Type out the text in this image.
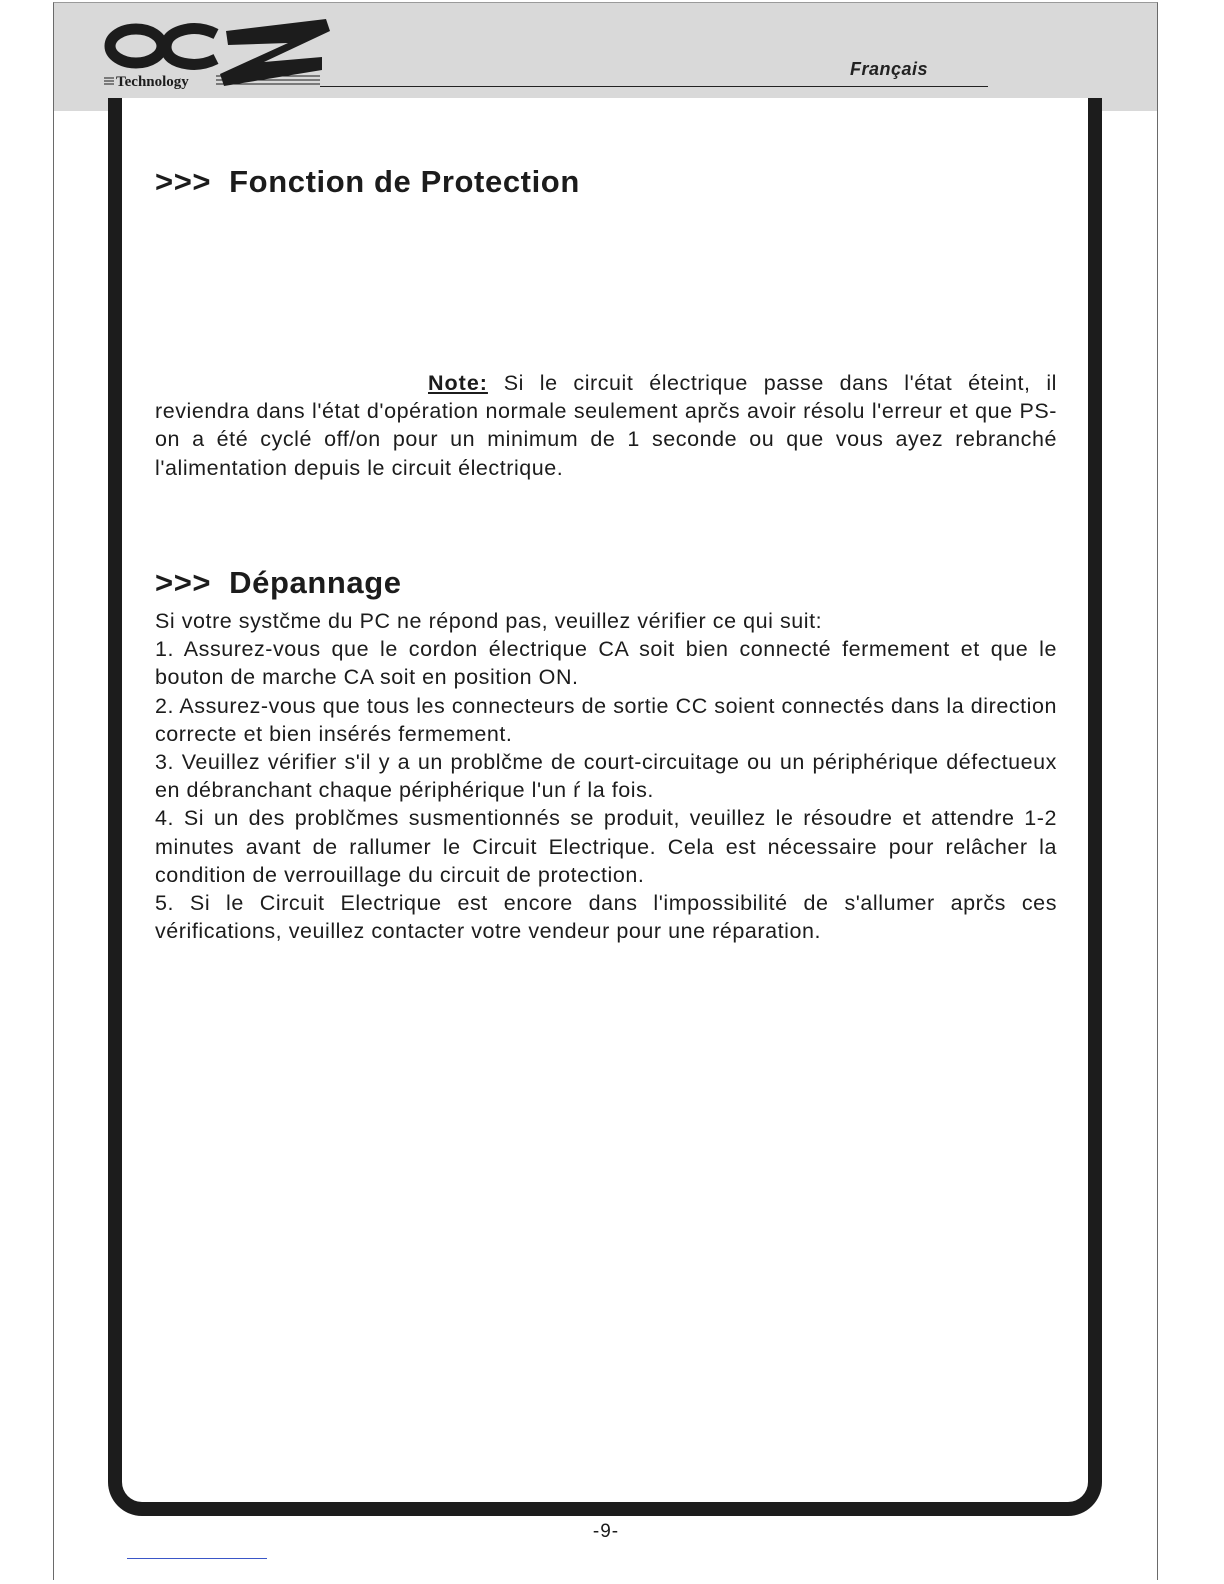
Technology
Français
>>> Fonction de Protection

Note: Si le circuit électrique passe dans l'état éteint, il reviendra dans l'état d'opération normale seulement aprčs avoir résolu l'erreur et que PS-on a été cyclé off/on pour un minimum de 1 seconde ou que vous ayez rebranché l'alimentation depuis le circuit électrique.

>>> Dépannage

Si votre systčme du PC ne répond pas, veuillez vérifier ce qui suit:

1. Assurez-vous que le cordon électrique CA soit bien connecté fermement et que le bouton de marche CA soit en position ON.
2. Assurez-vous que tous les connecteurs de sortie CC soient connectés dans la direction correcte et bien insérés fermement.
3. Veuillez vérifier s'il y a un problčme de court-circuitage ou un périphérique défectueux en débranchant chaque périphérique l'un ŕ la fois.
4. Si un des problčmes susmentionnés se produit, veuillez le résoudre et attendre 1-2 minutes avant de rallumer le Circuit Electrique. Cela est nécessaire pour relâcher la condition de verrouillage du circuit de protection.
5. Si le Circuit Electrique est encore dans l'impossibilité de s'allumer aprčs ces vérifications, veuillez contacter votre vendeur pour une réparation.
-9-
